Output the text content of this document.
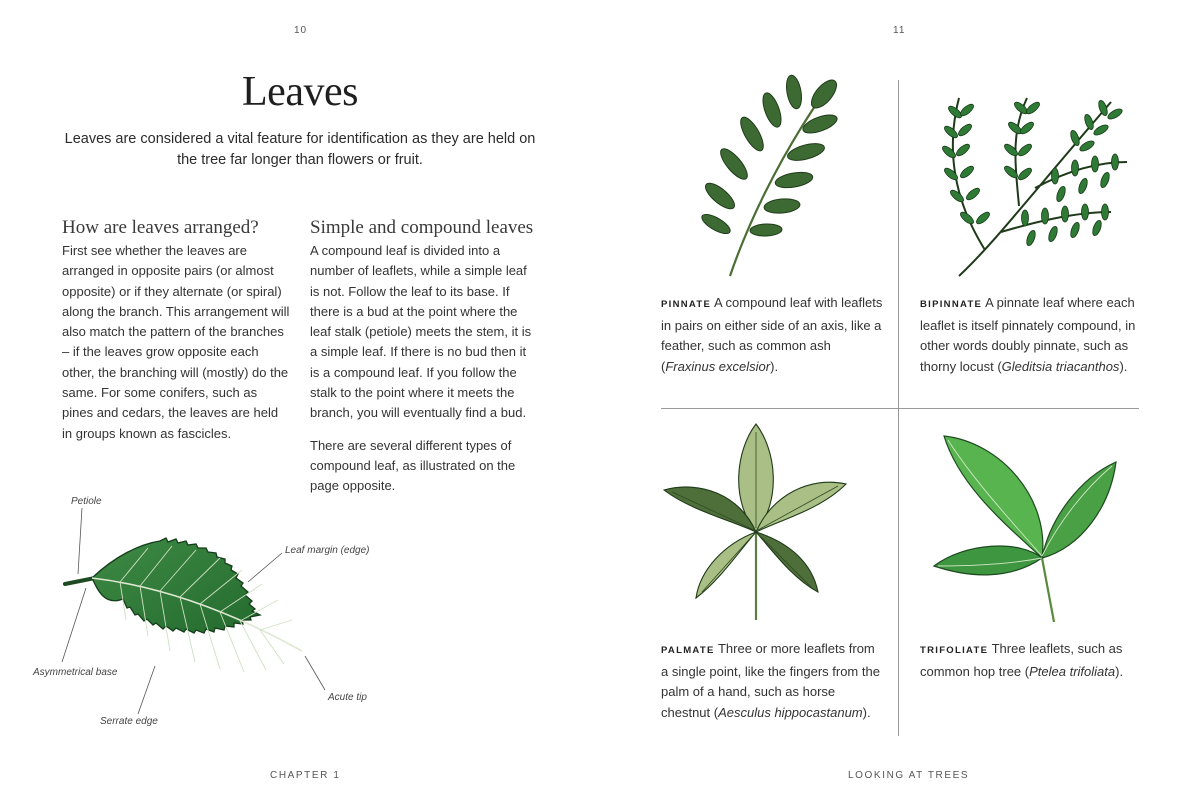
10
Leaves

Leaves are considered a vital feature for identification as they are held on the tree far longer than flowers or fruit.

How are leaves arranged?

First see whether the leaves are arranged in opposite pairs (or almost opposite) or if they alternate (or spiral) along the branch. This arrangement will also match the pattern of the branches – if the leaves grow opposite each other, the branching will (mostly) do the same. For some conifers, such as pines and cedars, the leaves are held in groups known as fascicles.

Simple and compound leaves

A compound leaf is divided into a number of leaflets, while a simple leaf is not. Follow the leaf to its base. If there is a bud at the point where the leaf stalk (petiole) meets the stem, it is a simple leaf. If there is no bud then it is a compound leaf. If you follow the stalk to the point where it meets the branch, you will eventually find a bud.

There are several different types of compound leaf, as illustrated on the page opposite.

Petiole
Leaf margin (edge)
Asymmetrical base
Acute tip
Serrate edge
CHAPTER 1
11

PINNATE A compound leaf with leaflets in pairs on either side of an axis, like a feather, such as common ash (Fraxinus excelsior).

BIPINNATE A pinnate leaf where each leaflet is itself pinnately compound, in other words doubly pinnate, such as thorny locust (Gleditsia triacanthos).

PALMATE Three or more leaflets from a single point, like the fingers from the palm of a hand, such as horse chestnut (Aesculus hippocastanum).

TRIFOLIATE Three leaflets, such as common hop tree (Ptelea trifoliata).

LOOKING AT TREES
